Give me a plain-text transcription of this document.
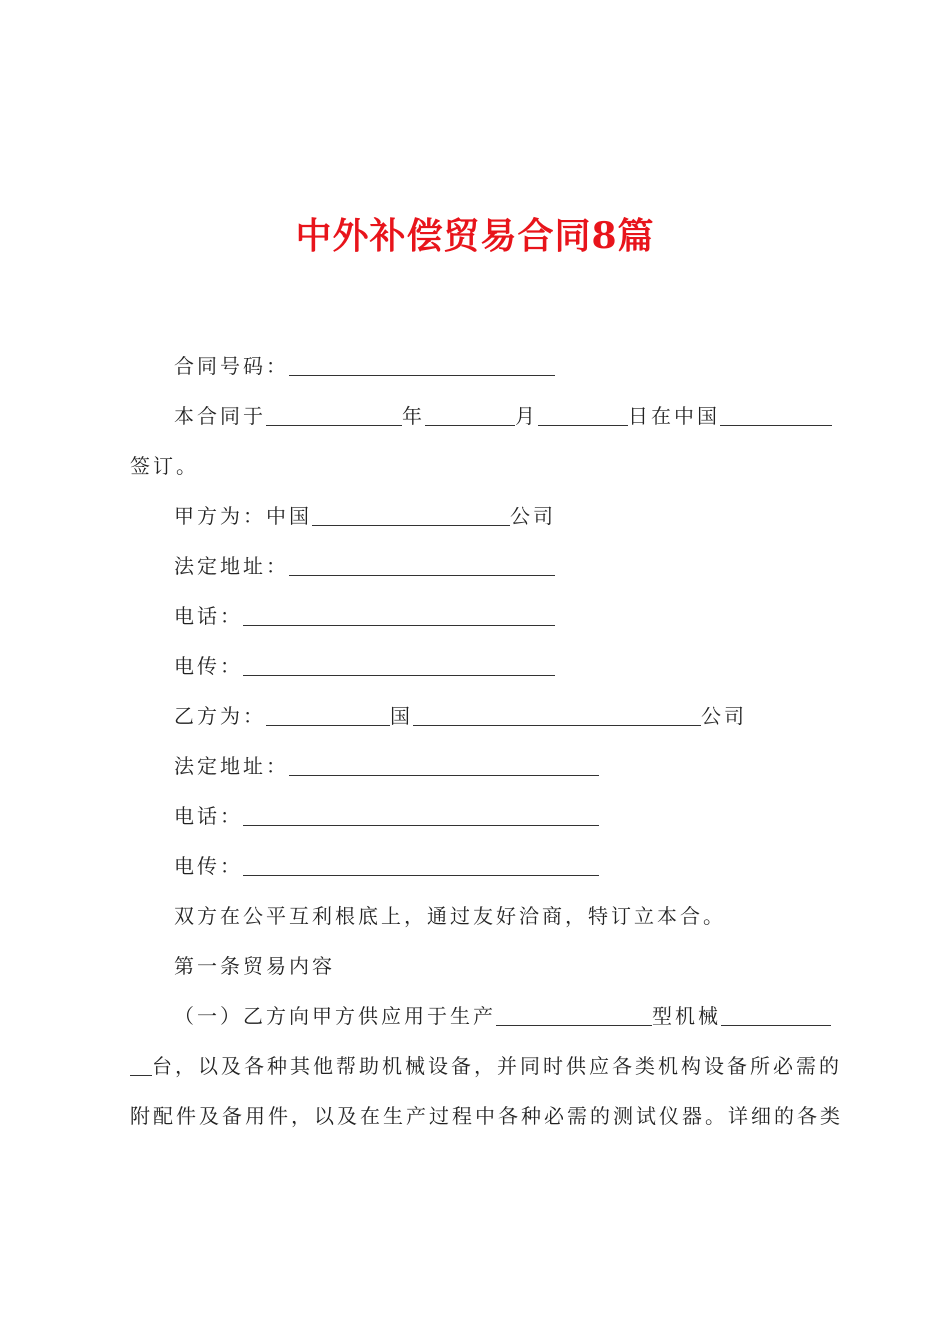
中外补偿贸易合同8篇
合同号码：
本合同于	年	月	日在中国
签订。
甲方为：中国	公司
法定地址：
电话：
电传：
乙方为：	国	公司
法定地址：
电话：
电传：
双方在公平互利根底上，通过友好洽商，特订立本合。
第一条贸易内容
（一）乙方向甲方供应用于生产	型机械
台，以及各种其他帮助机械设备，并同时供应各类机构设备所必需的
附配件及备用件，以及在生产过程中各种必需的测试仪器。详细的各类
